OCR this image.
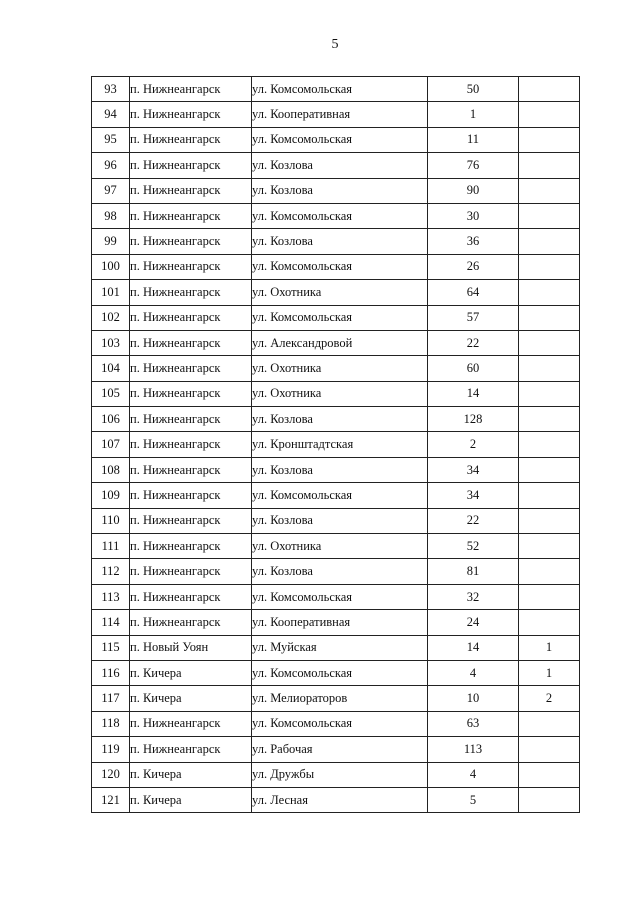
5
93	п. Нижнеангарск	ул. Комсомольская	50	
94	п. Нижнеангарск	ул. Кооперативная	1	
95	п. Нижнеангарск	ул. Комсомольская	11	
96	п. Нижнеангарск	ул. Козлова	76	
97	п. Нижнеангарск	ул. Козлова	90	
98	п. Нижнеангарск	ул. Комсомольская	30	
99	п. Нижнеангарск	ул. Козлова	36	
100	п. Нижнеангарск	ул. Комсомольская	26	
101	п. Нижнеангарск	ул. Охотника	64	
102	п. Нижнеангарск	ул. Комсомольская	57	
103	п. Нижнеангарск	ул. Александровой	22	
104	п. Нижнеангарск	ул. Охотника	60	
105	п. Нижнеангарск	ул. Охотника	14	
106	п. Нижнеангарск	ул. Козлова	128	
107	п. Нижнеангарск	ул. Кронштадтская	2	
108	п. Нижнеангарск	ул. Козлова	34	
109	п. Нижнеангарск	ул. Комсомольская	34	
110	п. Нижнеангарск	ул. Козлова	22	
111	п. Нижнеангарск	ул. Охотника	52	
112	п. Нижнеангарск	ул. Козлова	81	
113	п. Нижнеангарск	ул. Комсомольская	32	
114	п. Нижнеангарск	ул. Кооперативная	24	
115	п. Новый Уоян	ул. Муйская	14	1
116	п. Кичера	ул. Комсомольская	4	1
117	п. Кичера	ул. Мелиораторов	10	2
118	п. Нижнеангарск	ул. Комсомольская	63	
119	п. Нижнеангарск	ул. Рабочая	113	
120	п. Кичера	ул. Дружбы	4	
121	п. Кичера	ул. Лесная	5	
